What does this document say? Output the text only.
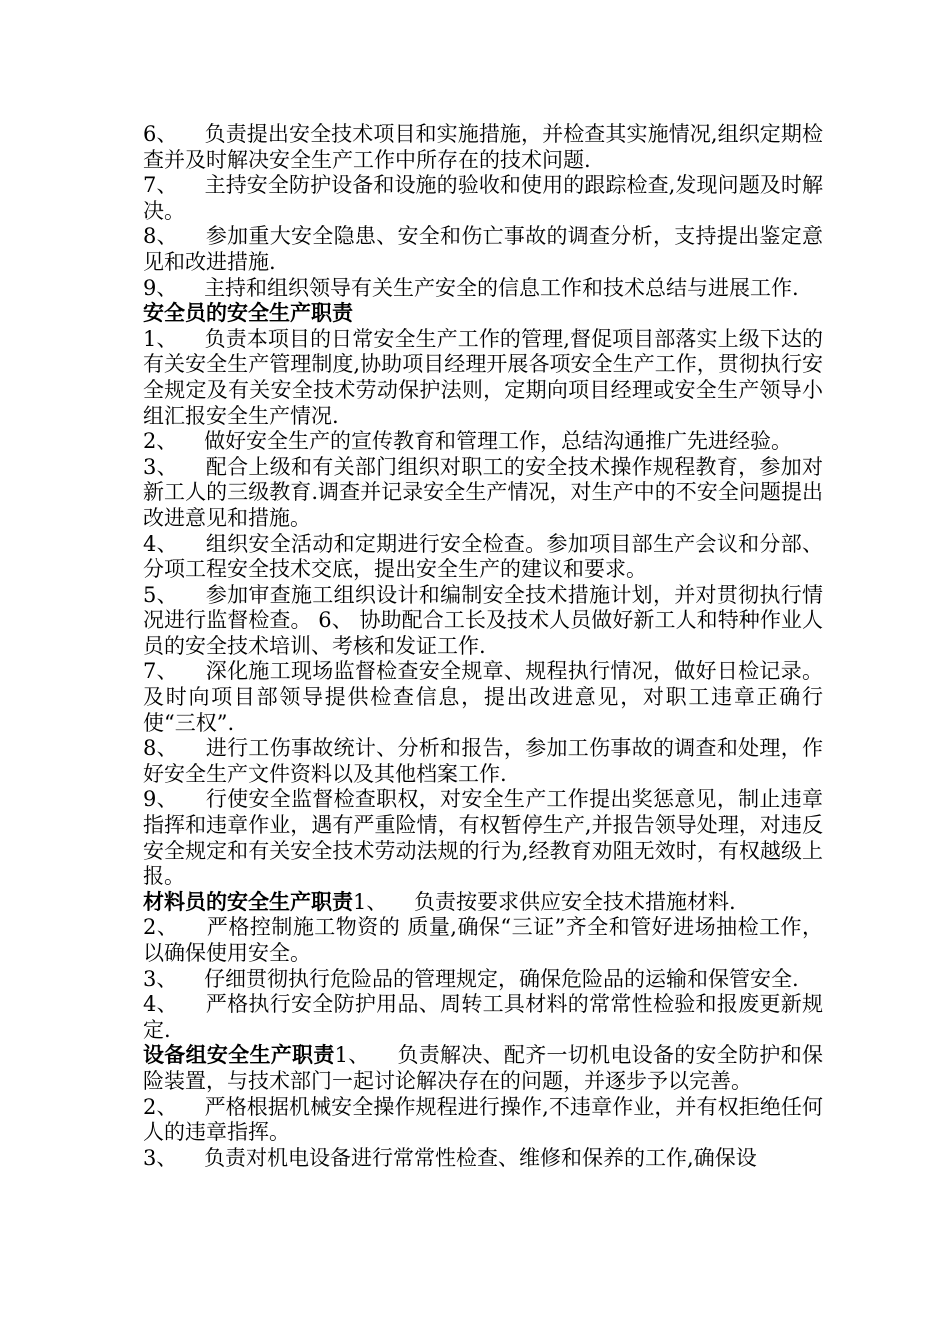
6、    负责提出安全技术项目和实施措施，并检查其实施情况,组织定期检查并及时解决安全生产工作中所存在的技术问题.

7、    主持安全防护设备和设施的验收和使用的跟踪检查,发现问题及时解决。

8、    参加重大安全隐患、安全和伤亡事故的调查分析，支持提出鉴定意见和改进措施.

9、    主持和组织领导有关生产安全的信息工作和技术总结与进展工作.

安全员的安全生产职责

1、    负责本项目的日常安全生产工作的管理,督促项目部落实上级下达的有关安全生产管理制度,协助项目经理开展各项安全生产工作，贯彻执行安全规定及有关安全技术劳动保护法则，定期向项目经理或安全生产领导小组汇报安全生产情况.

2、    做好安全生产的宣传教育和管理工作，总结沟通推广先进经验。

3、    配合上级和有关部门组织对职工的安全技术操作规程教育，参加对新工人的三级教育.调查并记录安全生产情况，对生产中的不安全问题提出改进意见和措施。

4、    组织安全活动和定期进行安全检查。参加项目部生产会议和分部、分项工程安全技术交底，提出安全生产的建议和要求。

5、    参加审查施工组织设计和编制安全技术措施计划，并对贯彻执行情况进行监督检查。 6、 协助配合工长及技术人员做好新工人和特种作业人员的安全技术培训、考核和发证工作.

7、    深化施工现场监督检查安全规章、规程执行情况，做好日检记录。及时向项目部领导提供检查信息，提出改进意见，对职工违章正确行使“三权”.

8、    进行工伤事故统计、分析和报告，参加工伤事故的调查和处理，作好安全生产文件资料以及其他档案工作.

9、    行使安全监督检查职权，对安全生产工作提出奖惩意见，制止违章指挥和违章作业，遇有严重险情，有权暂停生产,并报告领导处理，对违反安全规定和有关安全技术劳动法规的行为,经教育劝阻无效时，有权越级上报。

材料员的安全生产职责1、    负责按要求供应安全技术措施材料.

2、    严格控制施工物资的 质量,确保“三证”齐全和管好进场抽检工作，以确保使用安全。

3、    仔细贯彻执行危险品的管理规定，确保危险品的运输和保管安全.

4、    严格执行安全防护用品、周转工具材料的常常性检验和报废更新规定.

设备组安全生产职责1、    负责解决、配齐一切机电设备的安全防护和保险装置，与技术部门一起讨论解决存在的问题，并逐步予以完善。

2、    严格根据机械安全操作规程进行操作,不违章作业，并有权拒绝任何人的违章指挥。

3、    负责对机电设备进行常常性检查、维修和保养的工作,确保设
